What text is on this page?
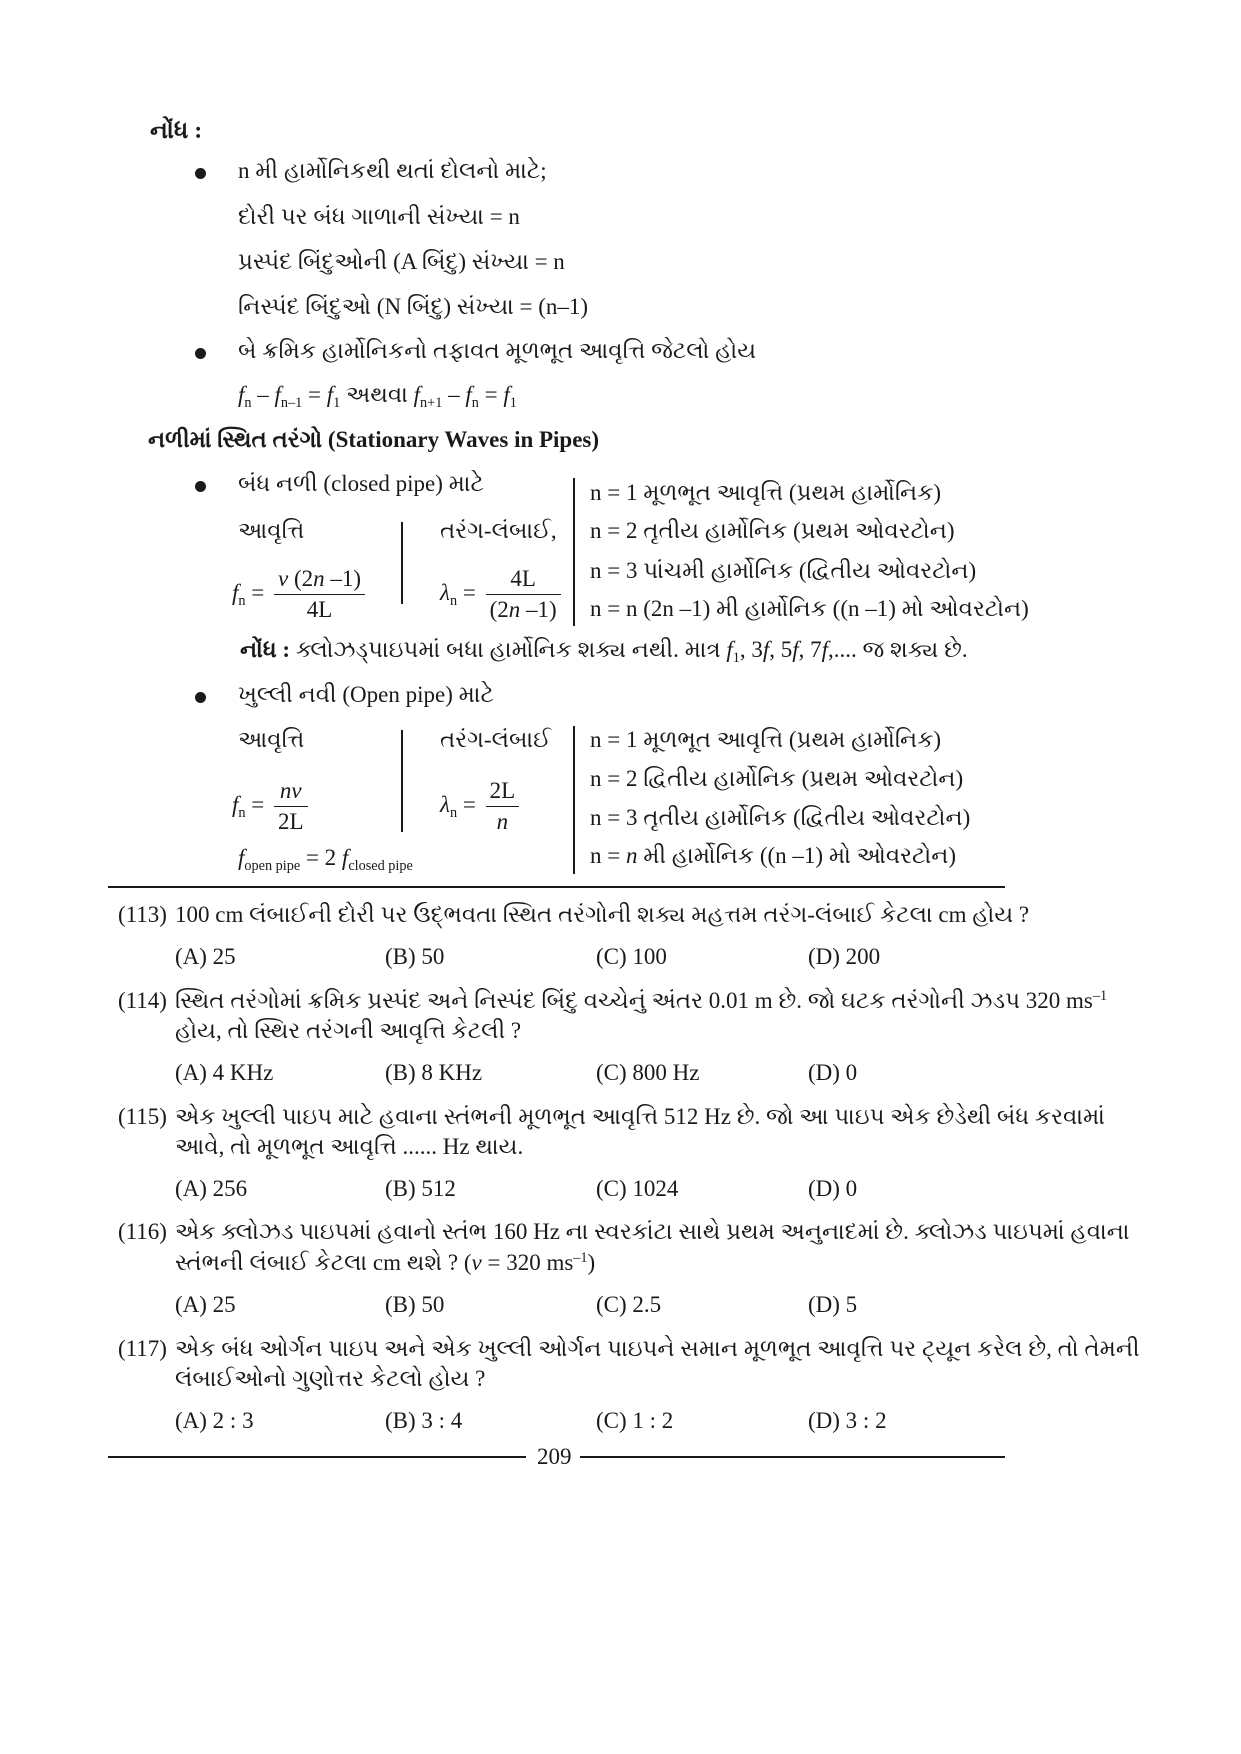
નોંધ :
n મી હાર્મોનિકથી થતાં દોલનો માટે;
દોરી પર બંધ ગાળાની સંખ્યા = n
પ્રસ્પંદ બિંદુઓની (A બિંદુ) સંખ્યા = n
નિસ્પંદ બિંદુઓ (N બિંદુ) સંખ્યા = (n–1)
બે ક્રમિક હાર્મોનિકનો તફાવત મૂળભૂત આવૃત્તિ જેટલો હોય
$f_n - f_{n-1} = f_1$ અથવા $f_{n+1} - f_n = f_1$
નળીમાં સ્થિત તરંગો (Stationary Waves in Pipes)
બંધ નળી (closed pipe) માટે
આવૃત્તિ	તરંગ-લંબાઈ,
$f_n = \frac{v (2n -1)}{4L}$	$\lambda_n = \frac{4L}{(2n -1)}$
n = 1 મૂળભૂત આવૃત્તિ (પ્રથમ હાર્મોનિક)
n = 2 તૃતીય હાર્મોનિક (પ્રથમ ઓવરટોન)
n = 3 પાંચમી હાર્મોનિક (દ્વિતીય ઓવરટોન)
n = n (2n –1) મી હાર્મોનિક ((n –1) મો ઓવરટોન)
નોંધ : ક્લોઝડ્પાઇપમાં બધા હાર્મોનિક શક્ય નથી. માત્ર $f_1$, 3f, 5f, 7f,.... જ શક્ય છે.
ખુલ્લી નવી (Open pipe) માટે
આવૃત્તિ	તરંગ-લંબાઈ
$f_n = \frac{nv}{2L}$	$\lambda_n = \frac{2L}{n}$
$f_{open pipe} = 2$ $f_{closed pipe}$
n = 1 મૂળભૂત આવૃત્તિ (પ્રથમ હાર્મોનિક)
n = 2 દ્વિતીય હાર્મોનિક (પ્રથમ ઓવરટોન)
n = 3 તૃતીય હાર્મોનિક (દ્વિતીય ઓવરટોન)
n = n મી હાર્મોનિક ((n –1) મો ઓવરટોન)
(113) 100 cm લંબાઈની દોરી પર ઉદ્‌ભવતા સ્થિત તરંગોની શક્ય મહત્તમ તરંગ-લંબાઈ કેટલા cm હોય ?
(A) 25	(B) 50	(C) 100	(D) 200
(114) સ્થિત તરંગોમાં ક્રમિક પ્રસ્પંદ અને નિસ્પંદ બિંદુ વચ્ચેનું અંતર 0.01 m છે. જો ઘટક તરંગોની ઝડપ 320 $ms^{-1}$
હોય, તો સ્થિર તરંગની આવૃત્તિ કેટલી ?
(A) 4 KHz	(B) 8 KHz	(C) 800 Hz	(D) 0
(115) એક ખુલ્લી પાઇપ માટે હવાના સ્તંભની મૂળભૂત આવૃત્તિ 512 Hz છે. જો આ પાઇપ એક છેડેથી બંધ કરવામાં
આવે, તો મૂળભૂત આવૃત્તિ ...... Hz થાય.
(A) 256	(B) 512	(C) 1024	(D) 0
(116) એક ક્લોઝડ પાઇપમાં હવાનો સ્તંભ 160 Hz ના સ્વરકાંટા સાથે પ્રથમ અનુનાદમાં છે. ક્લોઝડ પાઇપમાં હવાના
સ્તંભની લંબાઈ કેટલા cm થશે ? (v = 320 $ms^{-1}$)
(A) 25	(B) 50	(C) 2.5	(D) 5
(117) એક બંધ ઓર્ગન પાઇપ અને એક ખુલ્લી ઓર્ગન પાઇપને સમાન મૂળભૂત આવૃત્તિ પર ટ્યૂન કરેલ છે, તો તેમની
લંબાઈઓનો ગુણોત્તર કેટલો હોય ?
(A) 2 : 3	(B) 3 : 4	(C) 1 : 2	(D) 3 : 2
209
